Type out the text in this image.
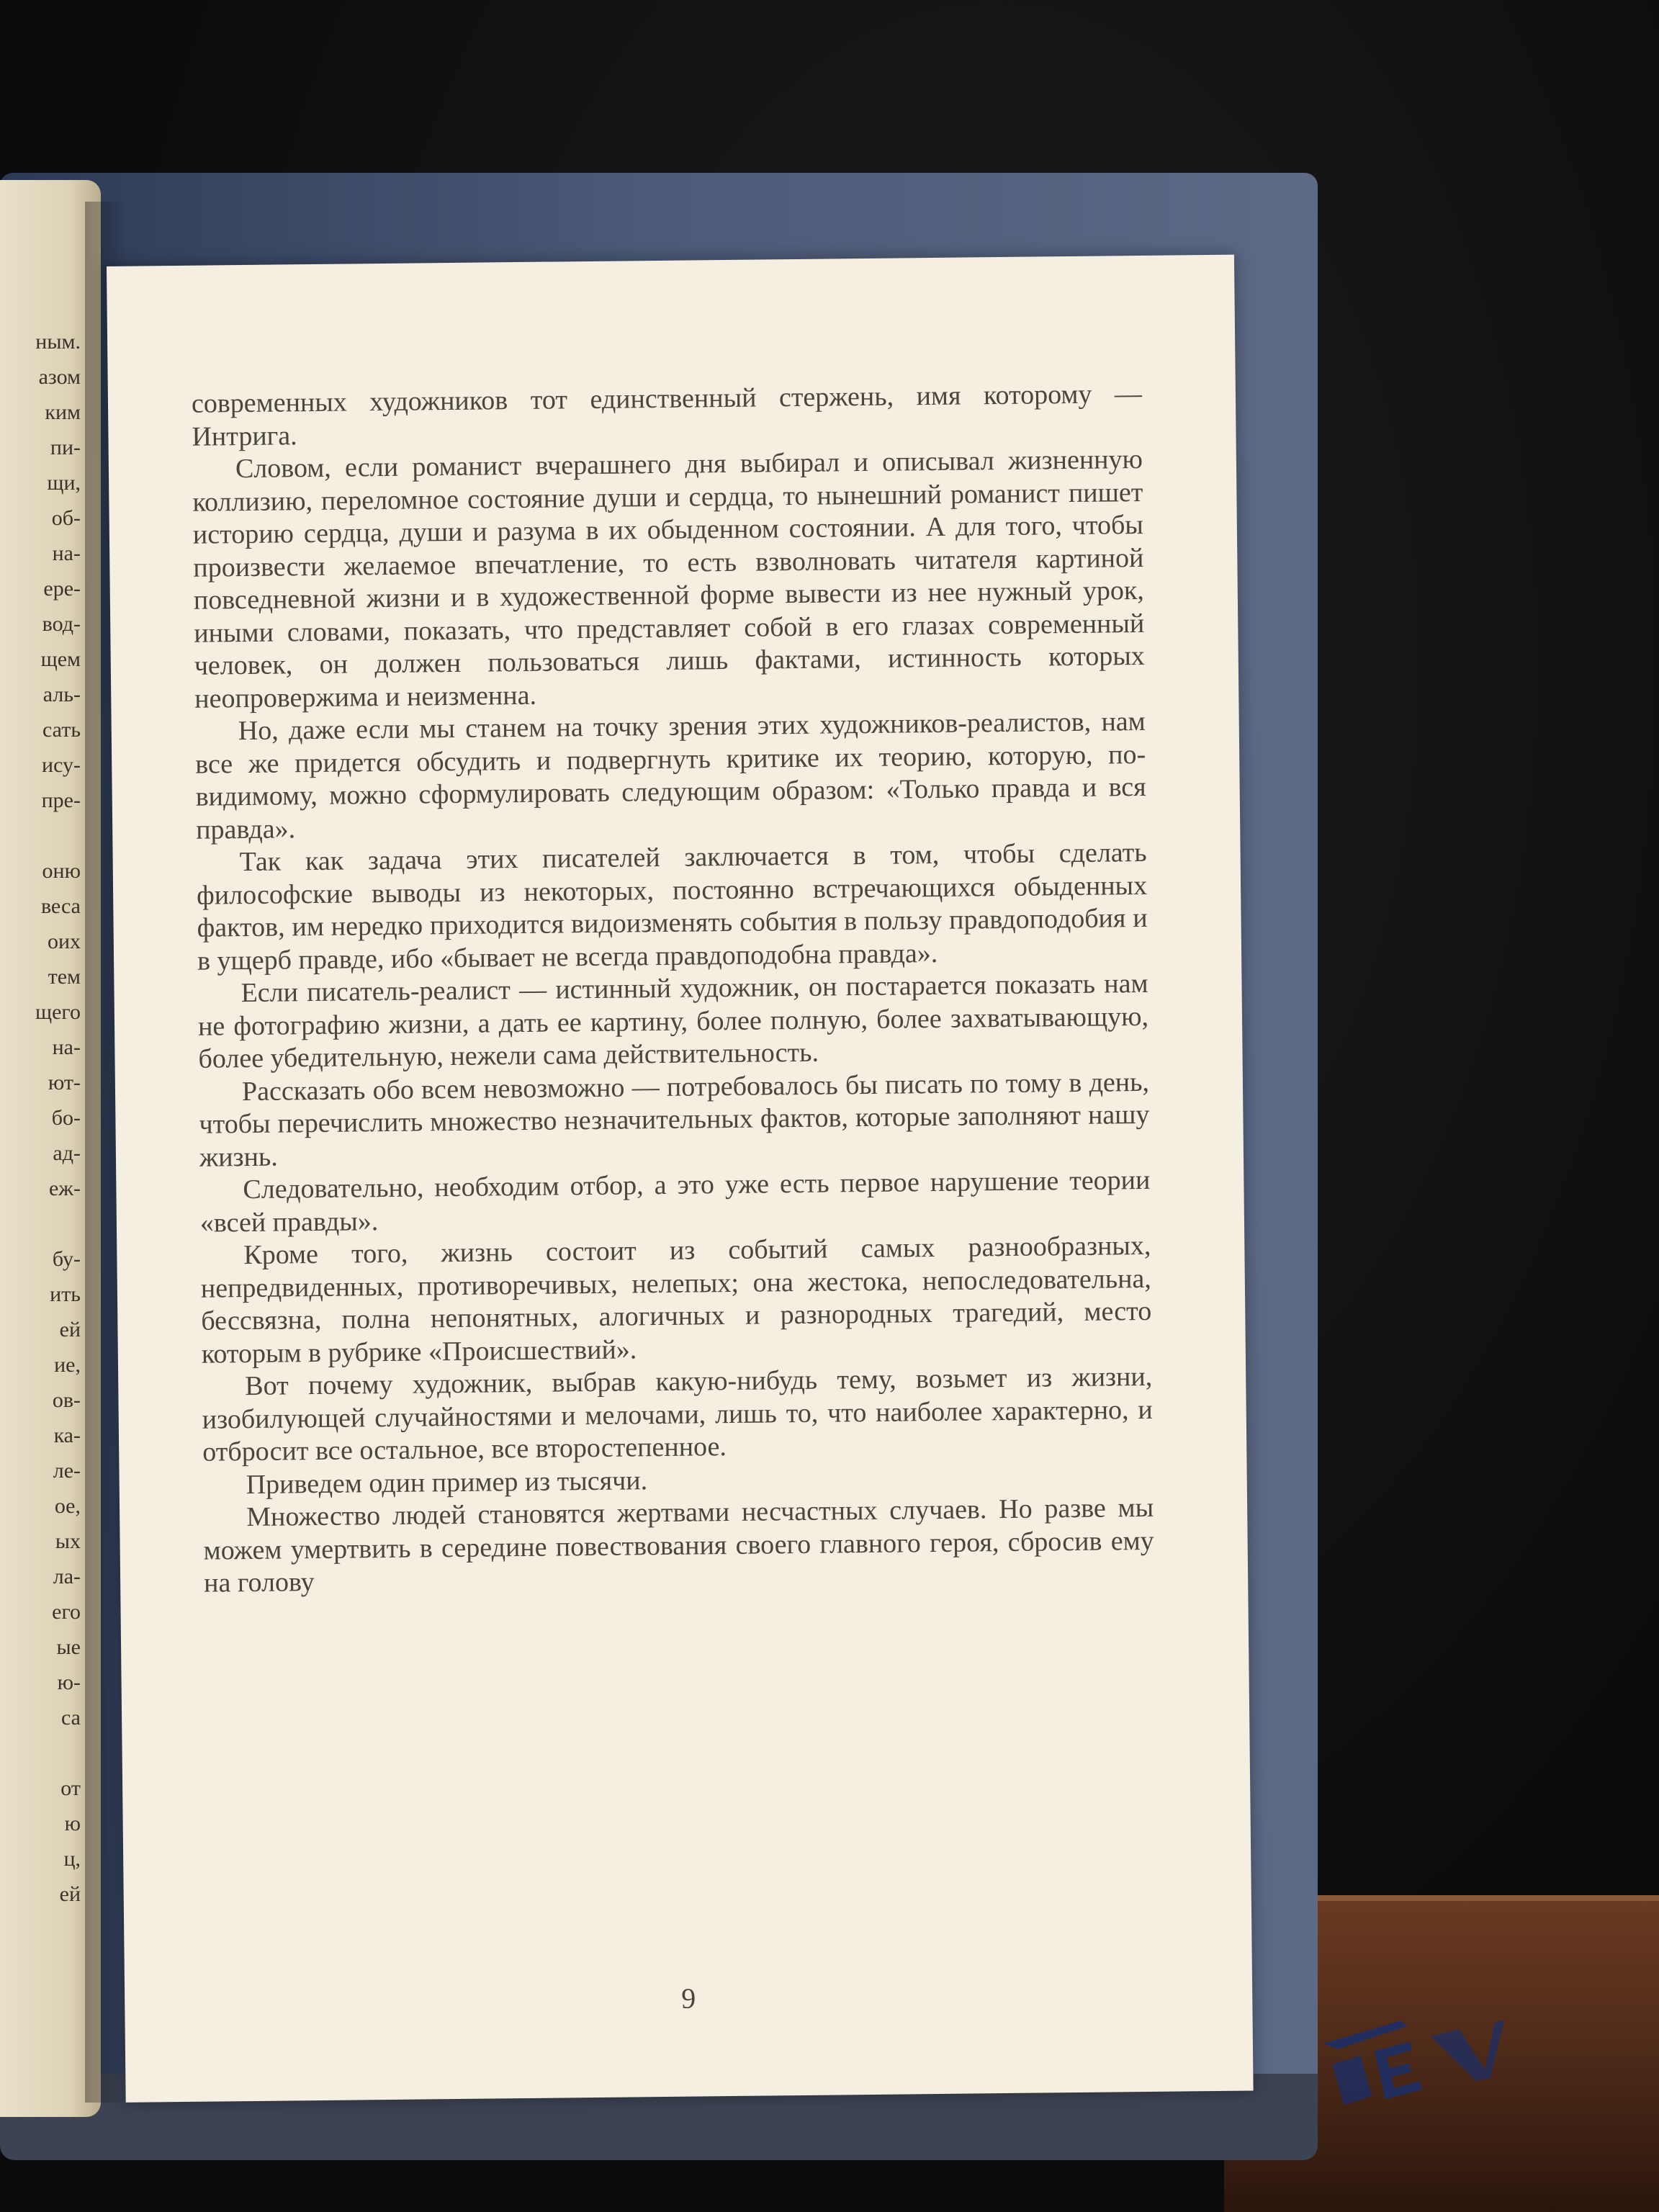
ным.
азом
ким
пи-
щи,
об-
на-
ере-
вод-
щем
аль-
сать
ису-
пре-
оню
веса
оих
тем
щего
на-
ют-
бо-
ад-
еж-
бу-
ить
ей
ие,
ов-
ка-
ле-
ое,
ых
ла-
его
ые
ю-
са
от
ю
ц,
ей

современных художников тот единственный стержень, имя которому — Интрига.

Словом, если романист вчерашнего дня выбирал и описывал жизненную коллизию, переломное состояние души и сердца, то нынешний романист пишет историю сердца, души и разума в их обыденном состоянии. А для того, чтобы произвести желаемое впечатление, то есть взволновать читателя картиной повседневной жизни и в художественной форме вывести из нее нужный урок, иными словами, показать, что представляет собой в его глазах современный человек, он должен пользоваться лишь фактами, истинность которых неопровержима и неизменна.

Но, даже если мы станем на точку зрения этих художников-реалистов, нам все же придется обсудить и подвергнуть критике их теорию, которую, по-видимому, можно сформулировать следующим образом: «Только правда и вся правда».

Так как задача этих писателей заключается в том, чтобы сделать философские выводы из некоторых, постоянно встречающихся обыденных фактов, им нередко приходится видоизменять события в пользу правдоподобия и в ущерб правде, ибо «бывает не всегда правдоподобна правда».

Если писатель-реалист — истинный художник, он постарается показать нам не фотографию жизни, а дать ее картину, более полную, более захватывающую, более убедительную, нежели сама действительность.

Рассказать обо всем невозможно — потребовалось бы писать по тому в день, чтобы перечислить множество незначительных фактов, которые заполняют нашу жизнь.

Следовательно, необходим отбор, а это уже есть первое нарушение теории «всей правды».

Кроме того, жизнь состоит из событий самых разнообразных, непредвиденных, противоречивых, нелепых; она жестока, непоследовательна, бессвязна, полна непонятных, алогичных и разнородных трагедий, место которым в рубрике «Происшествий».

Вот почему художник, выбрав какую-нибудь тему, возьмет из жизни, изобилующей случайностями и мелочами, лишь то, что наиболее характерно, и отбросит все остальное, все второстепенное.

Приведем один пример из тысячи.

Множество людей становятся жертвами несчастных случаев. Но разве мы можем умертвить в середине повествования своего главного героя, сбросив ему на голову

9
